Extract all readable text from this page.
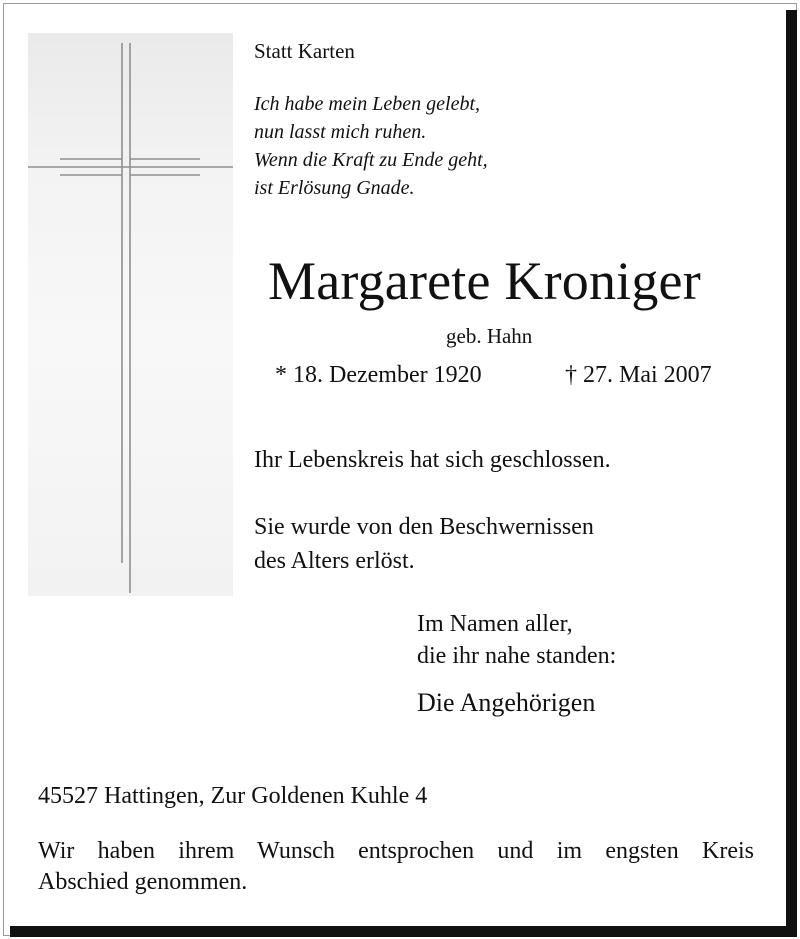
Statt Karten
Ich habe mein Leben gelebt,
nun lasst mich ruhen.
Wenn die Kraft zu Ende geht,
ist Erlösung Gnade.
Margarete Kroniger
geb. Hahn
* 18. Dezember 1920	† 27. Mai 2007
Ihr Lebenskreis hat sich geschlossen.
Sie wurde von den Beschwernissen
des Alters erlöst.
Im Namen aller,
die ihr nahe standen:
Die Angehörigen
45527 Hattingen, Zur Goldenen Kuhle 4
Wir haben ihrem Wunsch entsprochen und im engsten Kreis
Abschied genommen.
